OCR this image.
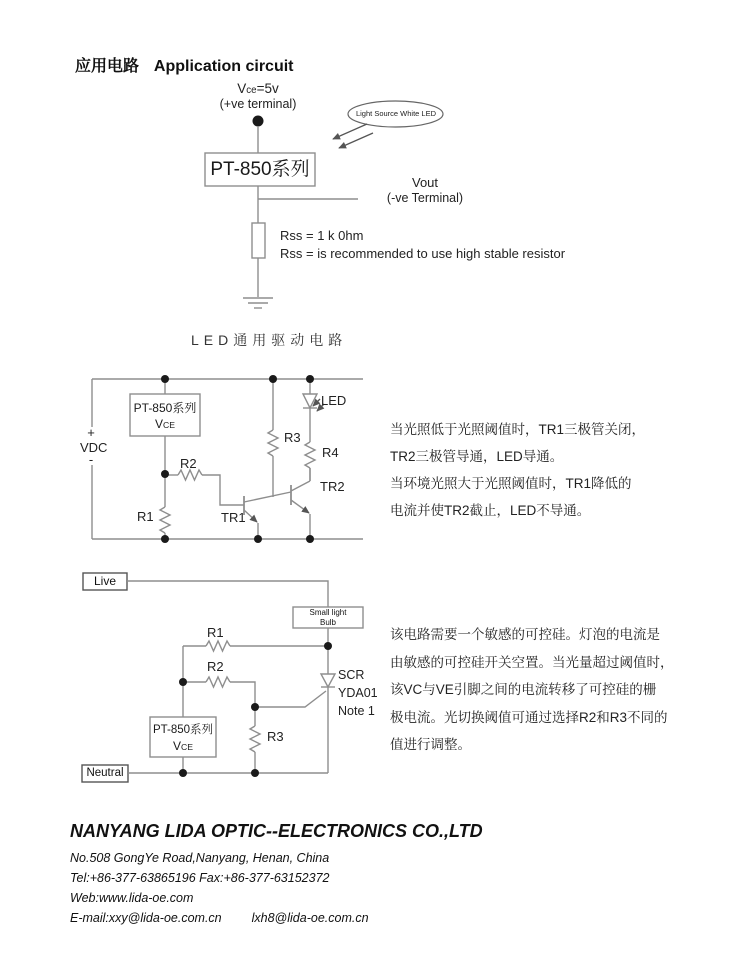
应用电路 Application circuit
Vce=5v
(+ve terminal)
PT-850系列
Light Source White LED
Vout
(-ve Terminal)
Rss = 1 k 0hm
Rss = is recommended to use high stable resistor
LED通用驱动电路
PT-850系列
VCE
+
VDC
-
R1
R2
R3
R4
LED
TR1
TR2
当光照低于光照阈值时，TR1三极管关闭，
TR2三极管导通，LED导通。
当环境光照大于光照阈值时，TR1降低的
电流并使TR2截止，LED不导通。
Live
Small light
Bulb
R1
R2
R3
SCR
YDA01
Note 1
PT-850系列
VCE
Neutral
该电路需要一个敏感的可控硅。灯泡的电流是
由敏感的可控硅开关空置。当光量超过阈值时，
该VC与VE引脚之间的电流转移了可控硅的栅
极电流。光切换阈值可通过选择R2和R3不同的
值进行调整。
NANYANG LIDA OPTIC--ELECTRONICS CO.,LTD
No.508 GongYe Road,Nanyang, Henan, China
Tel:+86-377-63865196 Fax:+86-377-63152372
Web:www.lida-oe.com
E-mail:xxy@lida-oe.com.cn lxh8@lida-oe.com.cn
